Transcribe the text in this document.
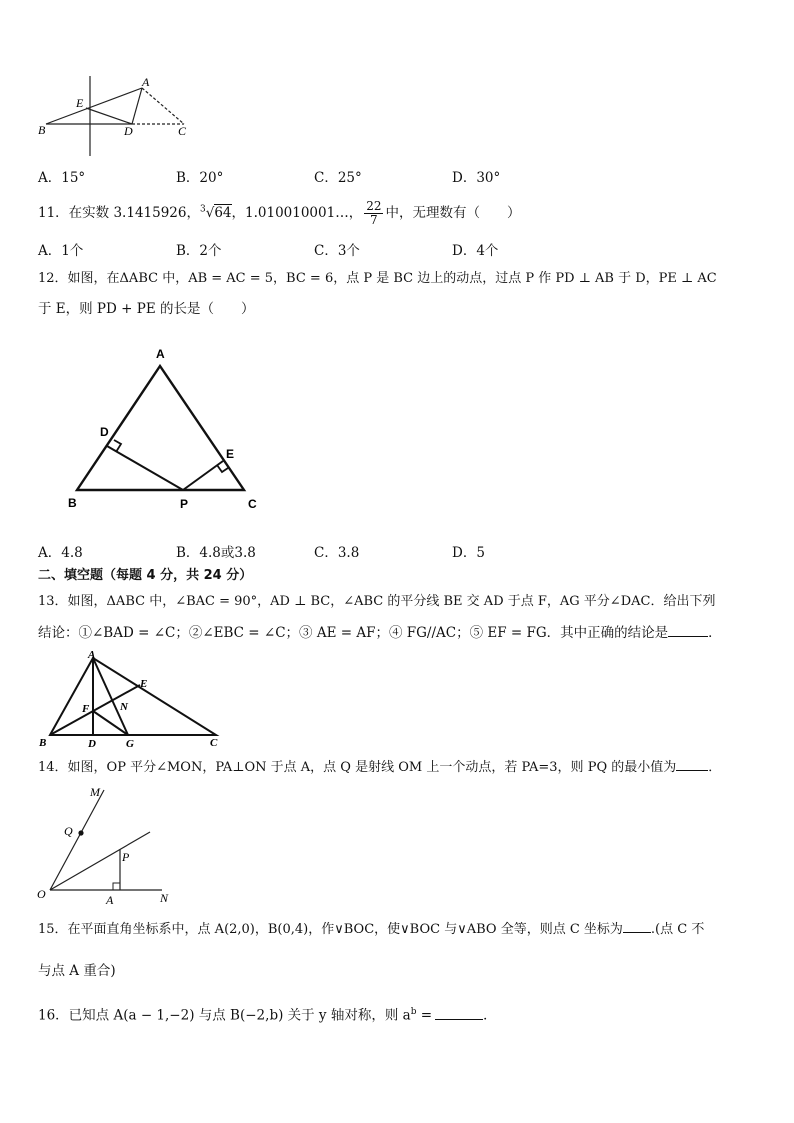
A
E
B	D	C
A．15°	B．20°	C．25°	D．30°
11．在实数 3.1415926，$^3$√64，1.010010001…， $\frac{22}{7}$ 中，无理数有（　　）
A．1个	B．2个	C．3个	D．4个
12．如图，在ΔABC 中，AB = AC = 5，BC = 6，点 P 是 BC 边上的动点，过点 P 作 PD ⊥ AB 于 D，PE ⊥ AC
于 E，则 PD + PE 的长是（　　）
A
D
E
B	P	C
A．4.8	B．4.8或3.8	C．3.8	D．5
二、填空题（每题 4 分，共 24 分）
13．如图，ΔABC 中，∠BAC = 90°，AD ⊥ BC，∠ABC 的平分线 BE 交 AD 于点 F，AG 平分∠DAC．给出下列
结论：①∠BAD = ∠C；②∠EBC = ∠C；③ AE = AF；④ FG//AC；⑤ EF = FG．其中正确的结论是	．
A
E
F	N
B	D	G	C
14．如图，OP 平分∠MON，PA⊥ON 于点 A，点 Q 是射线 OM 上一个动点，若 PA=3，则 PQ 的最小值为 ．
M
Q
P
O	A	N
15．在平面直角坐标系中，点 A(2,0)，B(0,4)，作∨BOC，使∨BOC 与∨ABO 全等，则点 C 坐标为 .(点 C 不
与点 A 重合)
16．已知点 A(a − 1,−2) 与点 B(−2,b) 关于 y 轴对称，则 $a^b$ =	．
